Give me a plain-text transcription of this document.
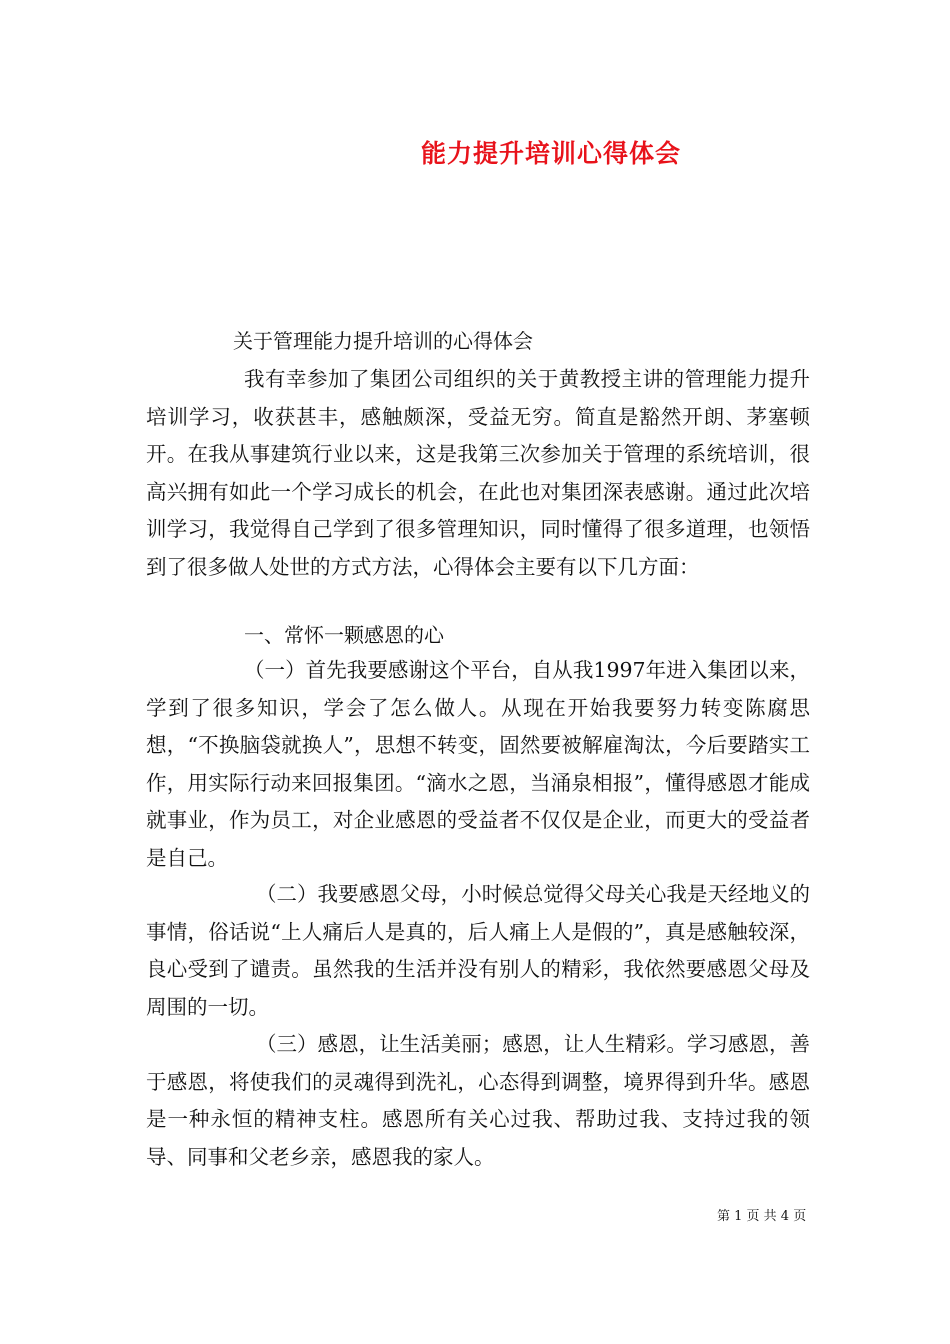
能力提升培训心得体会
关于管理能力提升培训的心得体会
我有幸参加了集团公司组织的关于黄教授主讲的管理能力提升培训学习，收获甚丰，感触颇深，受益无穷。简直是豁然开朗、茅塞顿开。在我从事建筑行业以来，这是我第三次参加关于管理的系统培训，很高兴拥有如此一个学习成长的机会，在此也对集团深表感谢。通过此次培训学习，我觉得自己学到了很多管理知识，同时懂得了很多道理，也领悟到了很多做人处世的方式方法，心得体会主要有以下几方面：
一、常怀一颗感恩的心
（一）首先我要感谢这个平台，自从我1997年进入集团以来，学到了很多知识，学会了怎么做人。从现在开始我要努力转变陈腐思想，“不换脑袋就换人”，思想不转变，固然要被解雇淘汰，今后要踏实工作，用实际行动来回报集团。“滴水之恩，当涌泉相报”，懂得感恩才能成就事业，作为员工，对企业感恩的受益者不仅仅是企业，而更大的受益者是自己。
（二）我要感恩父母，小时候总觉得父母关心我是天经地义的事情，俗话说“上人痛后人是真的，后人痛上人是假的”，真是感触较深，良心受到了谴责。虽然我的生活并没有别人的精彩，我依然要感恩父母及周围的一切。
（三）感恩，让生活美丽；感恩，让人生精彩。学习感恩，善于感恩，将使我们的灵魂得到洗礼，心态得到调整，境界得到升华。感恩是一种永恒的精神支柱。感恩所有关心过我、帮助过我、支持过我的领导、同事和父老乡亲，感恩我的家人。
第 1 页 共 4 页
